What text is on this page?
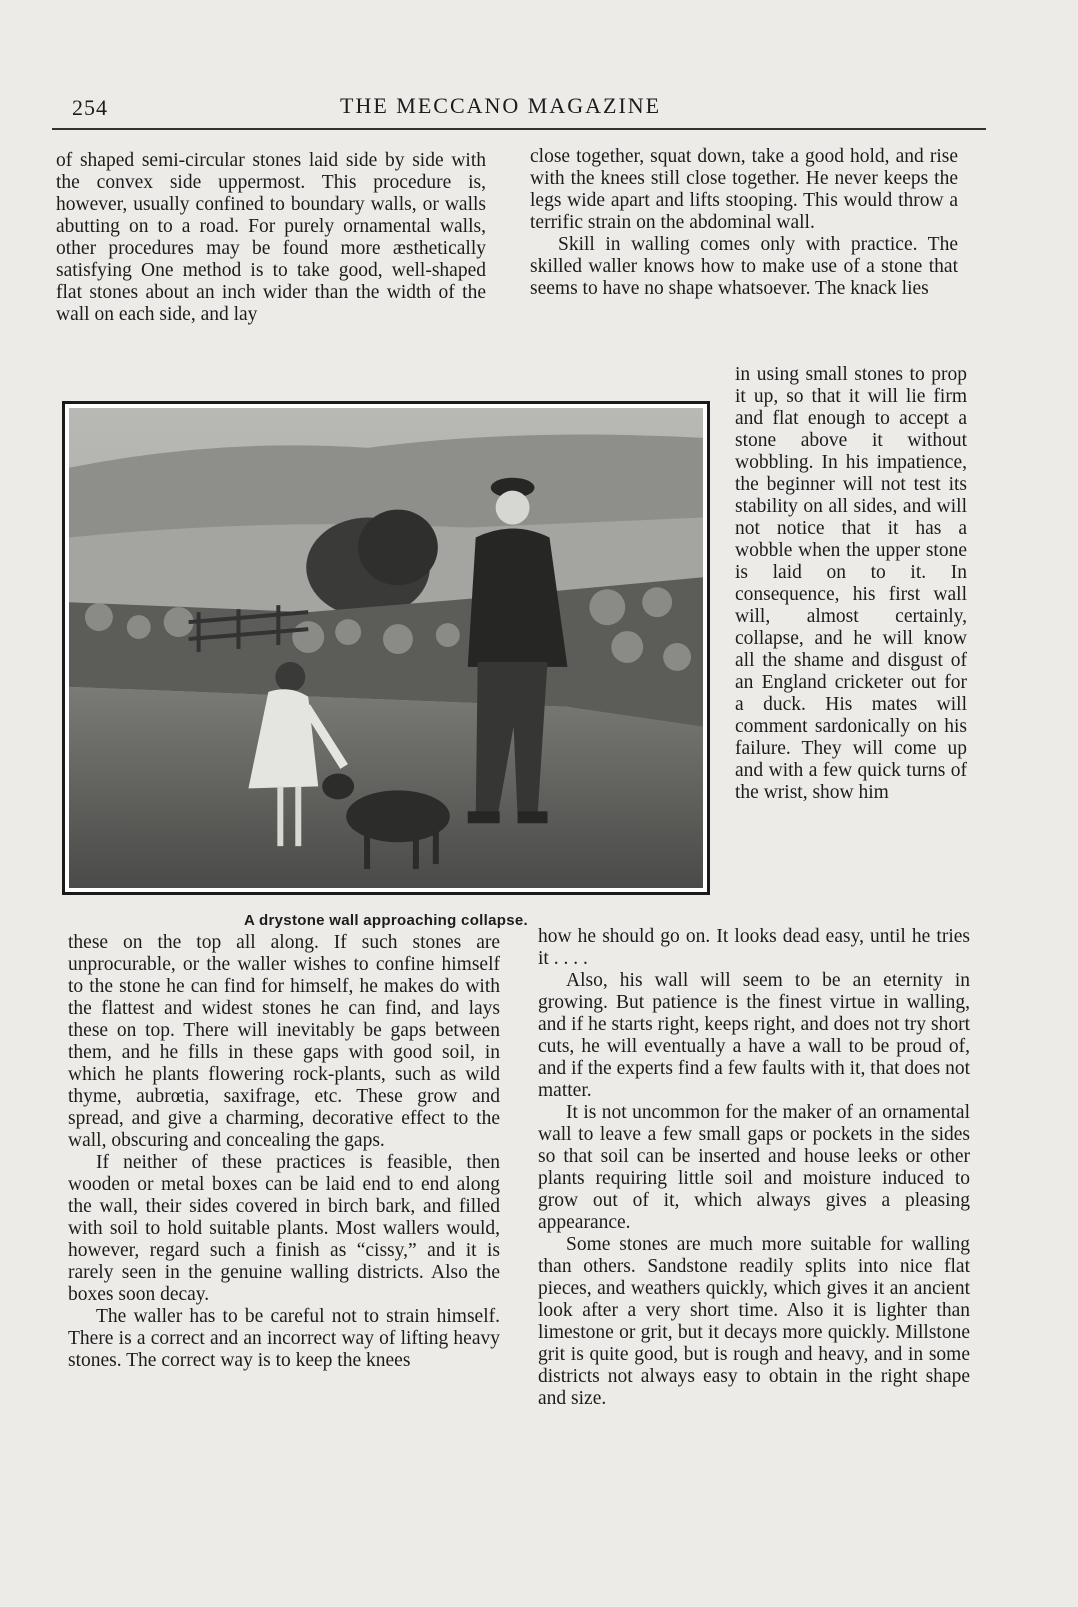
254	THE MECCANO MAGAZINE

of shaped semi-circular stones laid side by side with the convex side uppermost. This procedure is, however, usually confined to boundary walls, or walls abutting on to a road. For purely ornamental walls, other procedures may be found more æsthetically satisfying One method is to take good, well-shaped flat stones about an inch wider than the width of the wall on each side, and lay

close together, squat down, take a good hold, and rise with the knees still close together. He never keeps the legs wide apart and lifts stooping. This would throw a terrific strain on the abdominal wall.

Skill in walling comes only with practice. The skilled waller knows how to make use of a stone that seems to have no shape whatsoever. The knack lies

in using small stones to prop it up, so that it will lie firm and flat enough to accept a stone above it without wobbling. In his impatience, the beginner will not test its stability on all sides, and will not notice that it has a wobble when the upper stone is laid on to it. In consequence, his first wall will, almost certainly, collapse, and he will know all the shame and disgust of an England cricketer out for a duck. His mates will comment sardonically on his failure. They will come up and with a few quick turns of the wrist, show him

A drystone wall approaching collapse.

these on the top all along. If such stones are unprocurable, or the waller wishes to confine himself to the stone he can find for himself, he makes do with the flattest and widest stones he can find, and lays these on top. There will inevitably be gaps between them, and he fills in these gaps with good soil, in which he plants flowering rock-plants, such as wild thyme, aubrœtia, saxifrage, etc. These grow and spread, and give a charming, decorative effect to the wall, obscuring and concealing the gaps.

If neither of these practices is feasible, then wooden or metal boxes can be laid end to end along the wall, their sides covered in birch bark, and filled with soil to hold suitable plants. Most wallers would, however, regard such a finish as “cissy,” and it is rarely seen in the genuine walling districts. Also the boxes soon decay.

The waller has to be careful not to strain himself. There is a correct and an incorrect way of lifting heavy stones. The correct way is to keep the knees

how he should go on. It looks dead easy, until he tries it . . . .

Also, his wall will seem to be an eternity in growing. But patience is the finest virtue in walling, and if he starts right, keeps right, and does not try short cuts, he will eventually a have a wall to be proud of, and if the experts find a few faults with it, that does not matter.

It is not uncommon for the maker of an ornamental wall to leave a few small gaps or pockets in the sides so that soil can be inserted and house leeks or other plants requiring little soil and moisture induced to grow out of it, which always gives a pleasing appearance.

Some stones are much more suitable for walling than others. Sandstone readily splits into nice flat pieces, and weathers quickly, which gives it an ancient look after a very short time. Also it is lighter than limestone or grit, but it decays more quickly. Millstone grit is quite good, but is rough and heavy, and in some districts not always easy to obtain in the right shape and size.
